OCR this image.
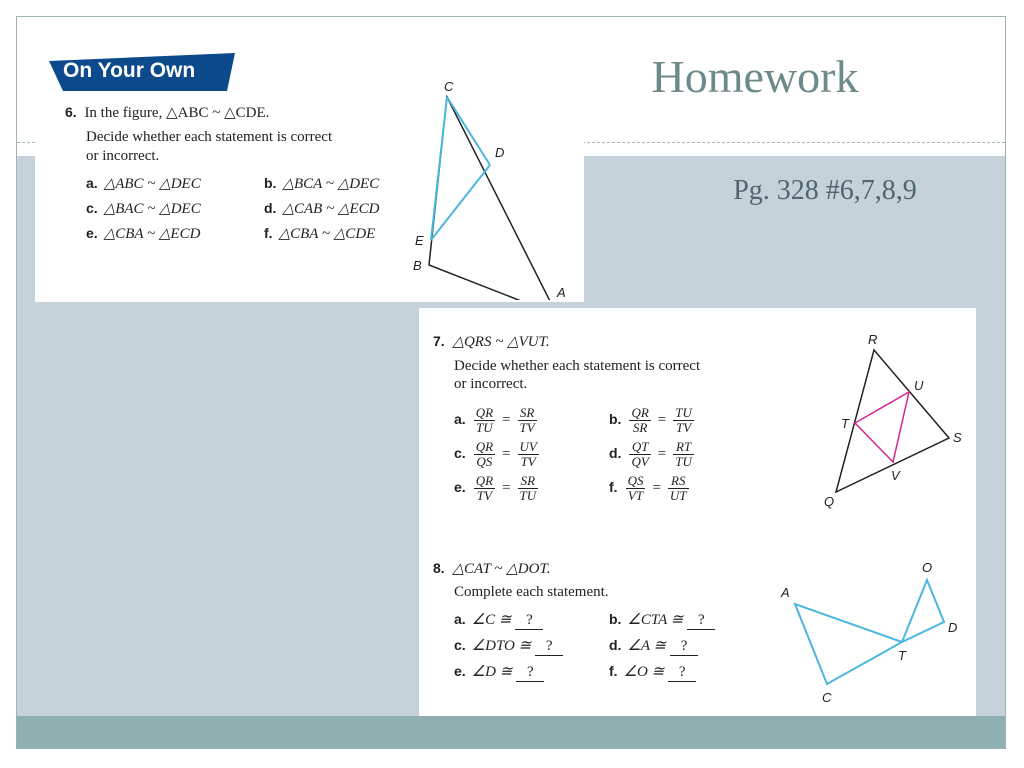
Homework
Pg. 328 #6,7,8,9
On Your Own
6. In the figure, △ABC ~ △CDE.
Decide whether each statement is correct
or incorrect.
a. △ABC ~ △DEC	b. △BCA ~ △DEC
c. △BAC ~ △DEC	d. △CAB ~ △ECD
e. △CBA ~ △ECD	f. △CBA ~ △CDE
C
D
E
B
A
7. △QRS ~ △VUT.
Decide whether each statement is correct
or incorrect.
a. $\frac{QR}{TU} = \frac{SR}{TV}$	b. $\frac{QR}{SR} = \frac{TU}{TV}$
c. $\frac{QR}{QS} = \frac{UV}{TV}$	d. $\frac{QT}{QV} = \frac{RT}{TU}$
e. $\frac{QR}{TV} = \frac{SR}{TU}$	f. $\frac{QS}{VT} = \frac{RS}{UT}$
R
U
T
S
V
Q
8. △CAT ~ △DOT.
Complete each statement.
a. ∠C ≅ ?	b. ∠CTA ≅ ?
c. ∠DTO ≅ ?	d. ∠A ≅ ?
e. ∠D ≅ ?	f. ∠O ≅ ?
A
O
D
T
C
